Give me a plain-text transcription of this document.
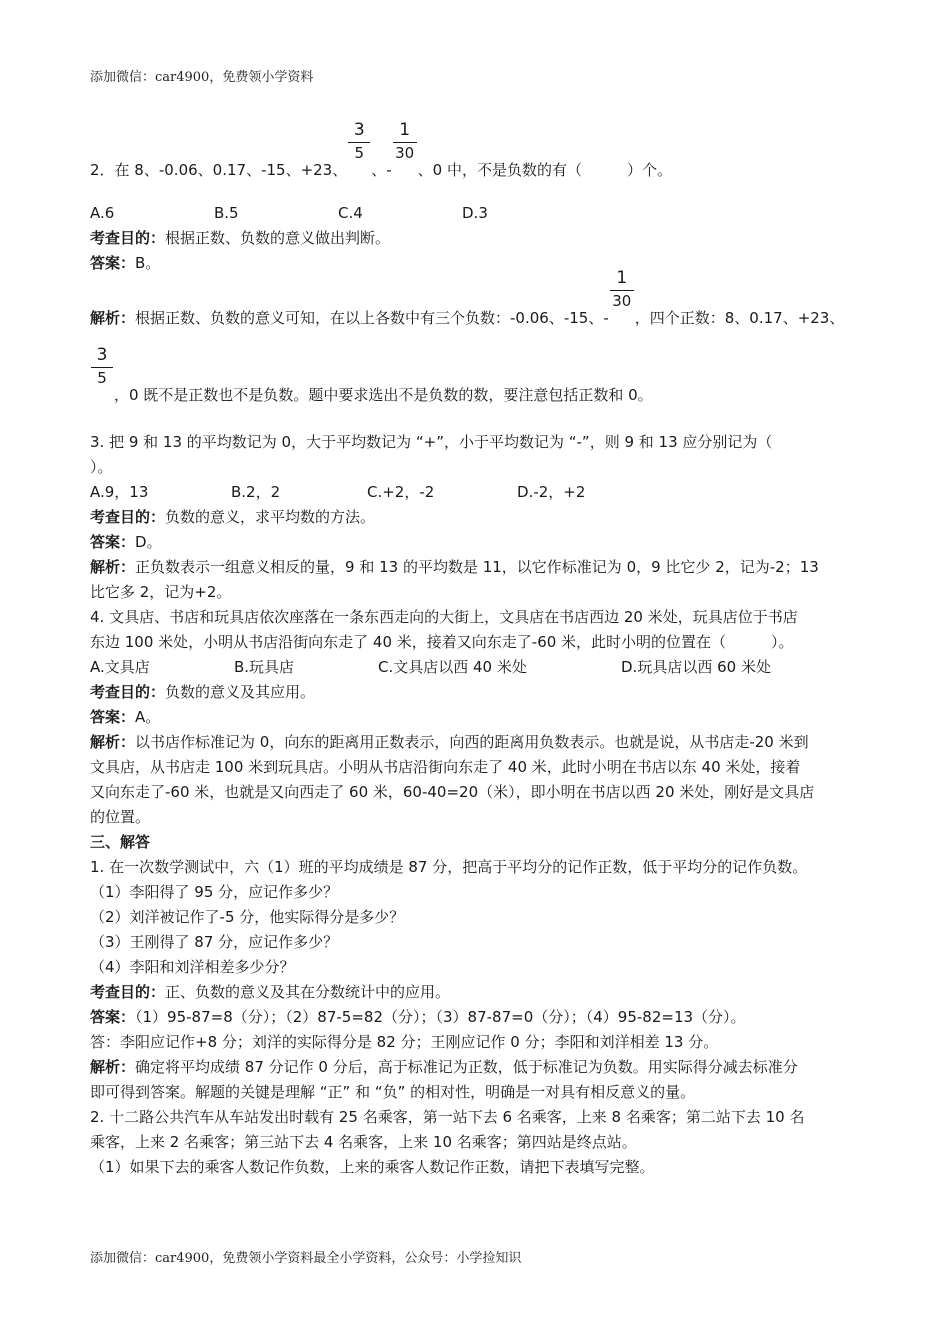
添加微信：car4900，免费领小学资料
2．在 8、-0.06、0.17、-15、+23、 $\frac{3}{5}$ 、- $\frac{1}{30}$ 、0 中，不是负数的有（　　　）个。
A.6	B.5	C.4	D.3
考查目的：根据正数、负数的意义做出判断。
答案：B。
解析：根据正数、负数的意义可知，在以上各数中有三个负数：-0.06、-15、- $\frac{1}{30}$ ，四个正数：8、0.17、+23、
$\frac{3}{5}$ ，0 既不是正数也不是负数。题中要求选出不是负数的数，要注意包括正数和 0。
3. 把 9 和 13 的平均数记为 0，大于平均数记为 “+”，小于平均数记为 “-”，则 9 和 13 应分别记为（
）。
A.9，13	B.2，2	C.+2，-2	D.-2，+2
考查目的：负数的意义，求平均数的方法。
答案：D。
解析：正负数表示一组意义相反的量，9 和 13 的平均数是 11，以它作标准记为 0，9 比它少 2，记为-2；13
比它多 2，记为+2。
4. 文具店、书店和玩具店依次座落在一条东西走向的大街上，文具店在书店西边 20 米处，玩具店位于书店
东边 100 米处，小明从书店沿街向东走了 40 米，接着又向东走了-60 米，此时小明的位置在（　　　）。
A.文具店	B.玩具店	C.文具店以西 40 米处	D.玩具店以西 60 米处
考查目的：负数的意义及其应用。
答案：A。
解析：以书店作标准记为 0，向东的距离用正数表示，向西的距离用负数表示。也就是说，从书店走-20 米到
文具店，从书店走 100 米到玩具店。小明从书店沿街向东走了 40 米，此时小明在书店以东 40 米处，接着
又向东走了-60 米，也就是又向西走了 60 米，60-40=20（米），即小明在书店以西 20 米处，刚好是文具店
的位置。
三、解答
1. 在一次数学测试中，六（1）班的平均成绩是 87 分，把高于平均分的记作正数，低于平均分的记作负数。
（1）李阳得了 95 分，应记作多少？
（2）刘洋被记作了-5 分，他实际得分是多少？
（3）王刚得了 87 分，应记作多少？
（4）李阳和刘洋相差多少分？
考查目的：正、负数的意义及其在分数统计中的应用。
答案：（1）95-87=8（分）；（2）87-5=82（分）；（3）87-87=0（分）；（4）95-82=13（分）。
答：李阳应记作+8 分；刘洋的实际得分是 82 分；王刚应记作 0 分；李阳和刘洋相差 13 分。
解析：确定将平均成绩 87 分记作 0 分后，高于标准记为正数，低于标准记为负数。用实际得分减去标准分
即可得到答案。解题的关键是理解 “正” 和 “负” 的相对性，明确是一对具有相反意义的量。
2. 十二路公共汽车从车站发出时载有 25 名乘客，第一站下去 6 名乘客，上来 8 名乘客；第二站下去 10 名
乘客，上来 2 名乘客；第三站下去 4 名乘客，上来 10 名乘客；第四站是终点站。
（1）如果下去的乘客人数记作负数，上来的乘客人数记作正数，请把下表填写完整。
添加微信：car4900，免费领小学资料最全小学资料，公众号：小学捡知识
